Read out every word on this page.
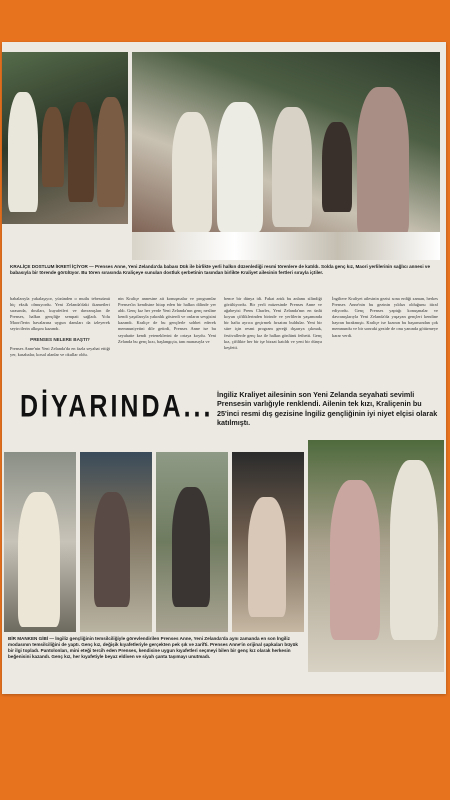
KRALİÇE DOSTLUM İKRETİ İÇİYOR — Prenses Anne, Yeni Zelanda'da babası Dük ile birlikte yerli halkın düzenlediği resmi törenlere de katıldı. Solda genç kız, Maori yerlilerinin sağlıcı annesi ve babasıyla bir törende görülüyor. Bu tören sırasında Kraliçeye sunulan dostluk şerbetinin tasından birlikte Kraliyet ailesinin fertleri sırayla içtiler.
babalarıyla yakalaşıyor, yüzünden o mutlu tebessümü hiç eksik olmuyordu. Yeni Zelanda'daki ikametleri sırasında, dostları, kuyafetleri ve davranışları ile Prenses, halkın gençliğe sempati sağladı. Yolu Maori'lerin havalarına uygun dansları da izleyerek seyircilerin alkışını kazandı.
PRENSES NELERE BAŞTI?
Prenses Anne'nin Yeni Zelanda'da en fazla seyahat ettiği yer, kasabalar, kırsal alanlar ve okullar oldu.
nin Kraliçe annesine ait konuşmalar ve programlar Prenses'in kendisine hitap eden bir halkın dilinde yer aldı. Genç kız her yerde Yeni Zelanda'nın genç nesline kendi yaşıtlarıyla yakınlık gösterdi ve onların sevgisini kazandı. Kraliçe de bu gençlerle sohbet ederek memnuniyetini dile getirdi, Prenses Anne ise bu seyahatte kendi yeteneklerini de ortaya koydu. Yeni Zelanda bu genç kızı, başlangıçta, tanı manasıyla ve
bence bir dünya idi. Fakat artık bu anlamı silindiği görülüyordu. Bir yerli müzesinde Prenses Anne ve ağabeyisi Prens Charles, Yeni Zelanda'nın en ünlü koyun çiftliklerinden birinde ve yerlilerin yaşamında bir hafta ayrıca geçirmek fırsatını buldular. Yeni bir süre için resmi program gereği dışarıya çıkmak, festivallerde genç kız ile halkın gönlünü fethetti. Genç kız, çiftlikte her bir işe bizzat katıldı ve yeni bir dünya keşfetti.
İngiltere Kraliyet ailesinin gezisi sona erdiği zaman, herkes Prenses Anne'nin bu gezinin yıldızı olduğunu itiraf ediyordu. Genç Prenses yaptığı konuşmalar ve davranışlarıyla Yeni Zelanda'da yaşayan gençleri kendine hayran bırakmıştı. Kraliçe ise kızının bu başarısından çok memnundu ve bir sonraki gezide de onu yanında götürmeye karar verdi.
DİYARINDA... İngiliz Kraliyet ailesinin son Yeni Zelanda seyahati sevimli Prensesin varlığıyle renklendi. Ailenin tek kızı, Kraliçenin bu 25'inci resmi dış gezisine İngiliz gençliğinin iyi niyet elçisi olarak katılmıştı.
BİR MANKEN GİBİ — İngiliz gençliğinin temsilciliğiyle görevlendirilen Prenses Anne, Yeni Zelanda'da aynı zamanda en son İngiliz modasının temsilciliğini de yaptı. Genç kız, değişik kıyafetleriyle gerçekten pek şık ve zarifti. Prenses Anne'in orijinal şapkaları büyük bir ilgi topladı. Pantolonları, mini eteği tercih eden Prenses, kendisine uygun kıyafetleri seçmeyi bilen bir genç kız olarak herkesin beğenisini kazandı. Genç kız, her kıyafetiyle beyaz eldiven ve siyah çanta taşımayı unutmadı.
